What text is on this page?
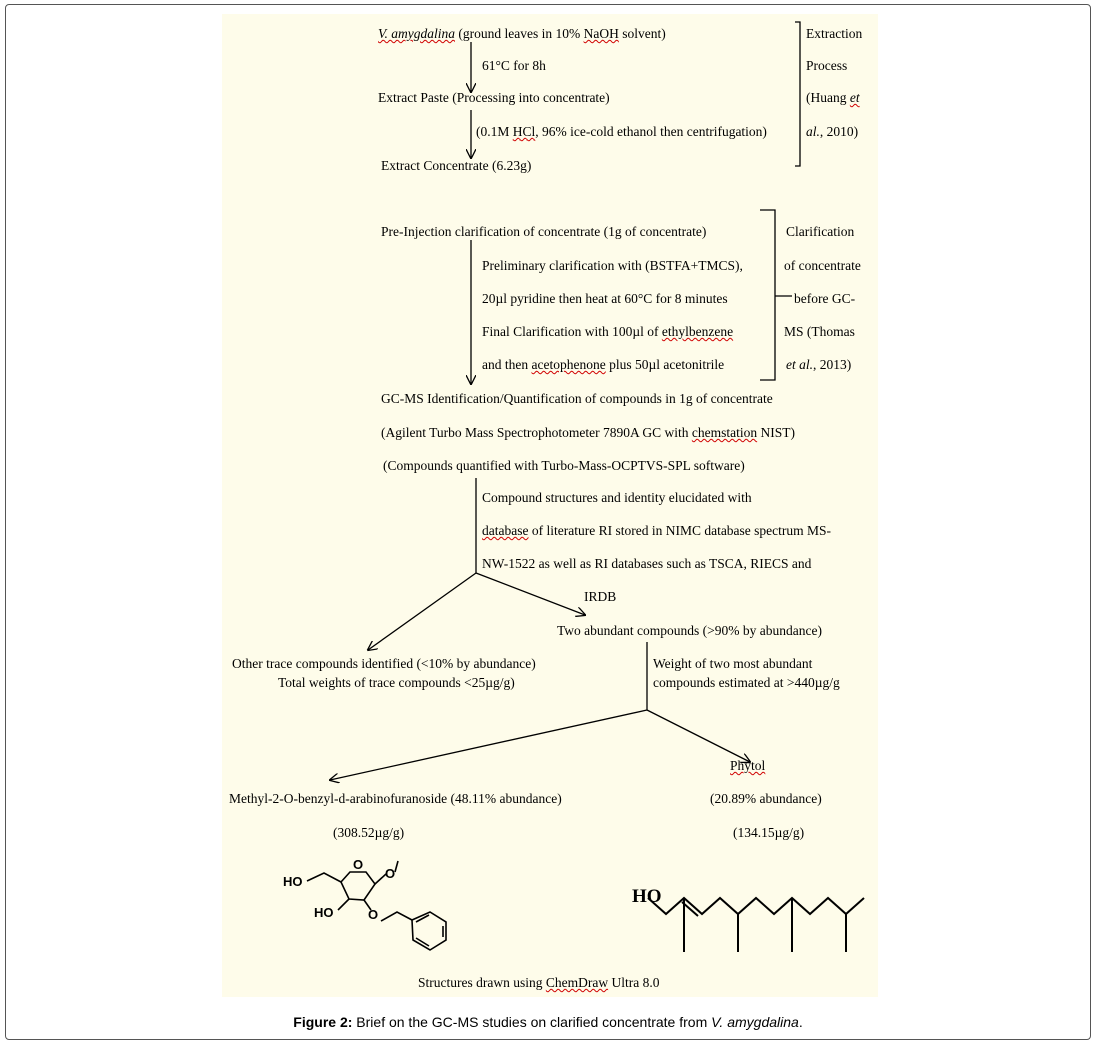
V. amygdalina (ground leaves in 10% NaOH solvent)
61°C for 8h
Extract Paste (Processing into concentrate)
(0.1M HCl, 96% ice-cold ethanol then centrifugation)
Extract Concentrate (6.23g)
Extraction
Process
(Huang et
al., 2010)
Pre-Injection clarification of concentrate (1g of concentrate)
Preliminary clarification with (BSTFA+TMCS),
20µl pyridine then heat at 60°C for 8 minutes
Final Clarification with 100µl of ethylbenzene
and then acetophenone plus 50µl acetonitrile
Clarification
of concentrate
before GC-
MS (Thomas
et al., 2013)
GC-MS Identification/Quantification of compounds in 1g of concentrate
(Agilent Turbo Mass Spectrophotometer 7890A GC with chemstation NIST)
(Compounds quantified with Turbo-Mass-OCPTVS-SPL software)
Compound structures and identity elucidated with
database of literature RI stored in NIMC database spectrum MS-
NW-1522 as well as RI databases such as TSCA, RIECS and
IRDB
Other trace compounds identified (<10% by abundance)
Total weights of trace compounds <25µg/g)
Two abundant compounds (>90% by abundance)
Weight of two most abundant
compounds estimated at >440µg/g
Methyl-2-O-benzyl-d-arabinofuranoside (48.11% abundance)
(308.52µg/g)
Phytol
(20.89% abundance)
(134.15µg/g)
HO
HO
O
O
O
HO
Structures drawn using ChemDraw Ultra 8.0
Figure 2: Brief on the GC-MS studies on clarified concentrate from V. amygdalina.
